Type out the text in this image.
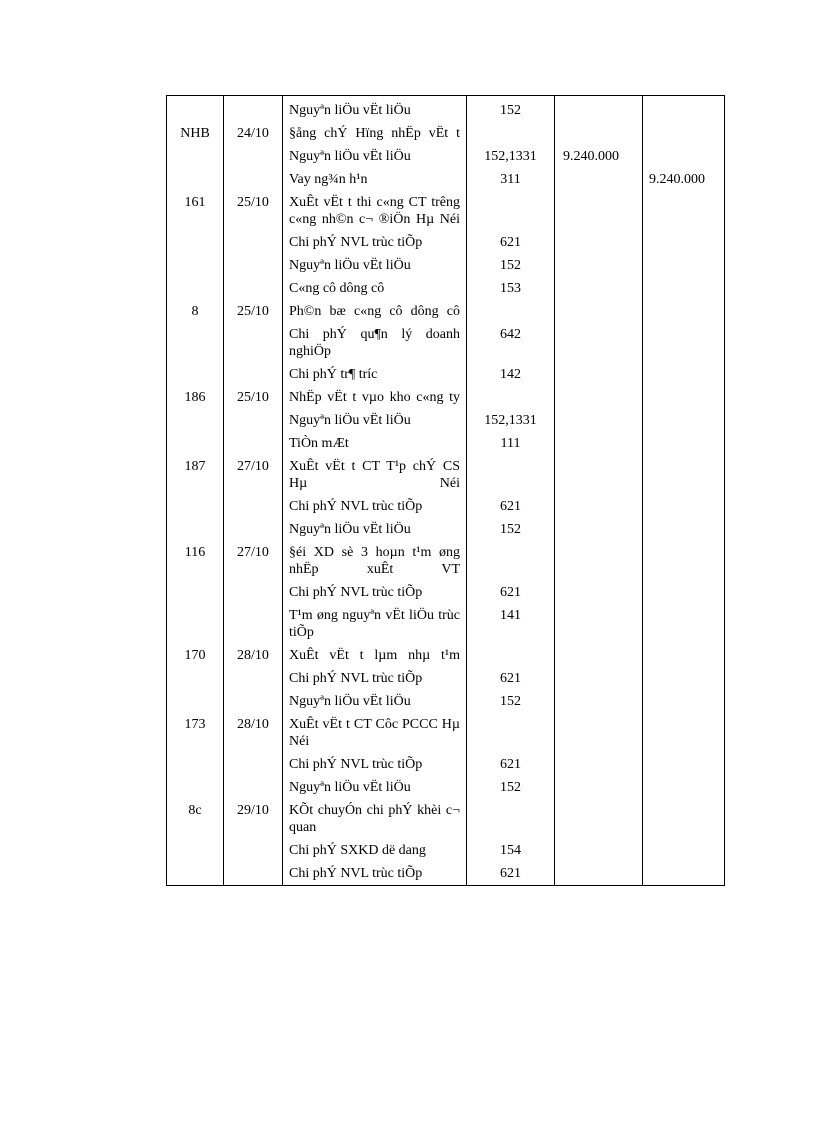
		Nguyªn liÖu vËt liÖu	152		
NHB	24/10	§ång chÝ Hïng nhËp vËt t			
		Nguyªn liÖu vËt liÖu	152,1331	9.240.000	
		Vay ng¾n h¹n	311		9.240.000
161	25/10	XuÊt vËt t thi c«ng CT trêng c«ng nh©n c¬ ®iÖn Hµ Néi			
		Chi phÝ NVL trùc tiÕp	621		
		Nguyªn liÖu vËt liÖu	152		
		C«ng cô dông cô	153		
8	25/10	Ph©n bæ c«ng cô dông cô			
		Chi phÝ qu¶n lý doanh nghiÖp	642		
		Chi phÝ tr¶ tríc	142		
186	25/10	NhËp vËt t vµo kho c«ng ty			
		Nguyªn liÖu vËt liÖu	152,1331		
		TiÒn mÆt	111		
187	27/10	XuÊt vËt t CT T¹p chÝ CS Hµ Néi			
		Chi phÝ NVL trùc tiÕp	621		
		Nguyªn liÖu vËt liÖu	152		
116	27/10	§éi XD sè 3 hoµn t¹m øng nhËp xuÊt VT			
		Chi phÝ NVL trùc tiÕp	621		
		T¹m øng nguyªn vËt liÖu trùc tiÕp	141		
170	28/10	XuÊt vËt t lµm nhµ t¹m			
		Chi phÝ NVL trùc tiÕp	621		
		Nguyªn liÖu vËt liÖu	152		
173	28/10	XuÊt vËt t CT Côc PCCC Hµ Néi			
		Chi phÝ NVL trùc tiÕp	621		
		Nguyªn liÖu vËt liÖu	152		
8c	29/10	KÕt chuyÓn chi phÝ khèi c¬ quan			
		Chi phÝ SXKD dë dang	154		
		Chi phÝ NVL trùc tiÕp	621		
